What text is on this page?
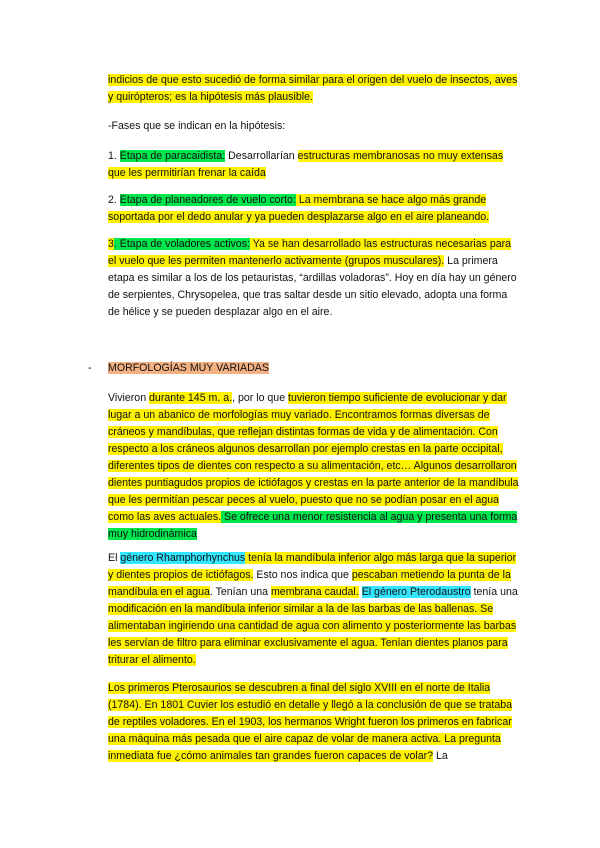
indicios de que esto sucedió de forma similar para el origen del vuelo de insectos, aves y quirópteros; es la hipótesis más plausible.

-Fases que se indican en la hipótesis:

1. Etapa de paracaidista: Desarrollarían estructuras membranosas no muy extensas que les permitirían frenar la caída

2. Etapa de planeadores de vuelo corto: La membrana se hace algo más grande soportada por el dedo anular y ya pueden desplazarse algo en el aire planeando.

3. Etapa de voladores activos: Ya se han desarrollado las estructuras necesarias para el vuelo que les permiten mantenerlo activamente (grupos musculares). La primera etapa es similar a los de los petauristas, “ardillas voladoras”. Hoy en día hay un género de serpientes, Chrysopelea, que tras saltar desde un sitio elevado, adopta una forma de hélice y se pueden desplazar algo en el aire.

- MORFOLOGÍAS MUY VARIADAS

Vivieron durante 145 m. a., por lo que tuvieron tiempo suficiente de evolucionar y dar lugar a un abanico de morfologías muy variado. Encontramos formas diversas de cráneos y mandíbulas, que reflejan distintas formas de vida y de alimentación. Con respecto a los cráneos algunos desarrollan por ejemplo crestas en la parte occipital, diferentes tipos de dientes con respecto a su alimentación, etc… Algunos desarrollaron dientes puntiagudos propios de ictiófagos y crestas en la parte anterior de la mandíbula que les permitían pescar peces al vuelo, puesto que no se podían posar en el agua como las aves actuales. Se ofrece una menor resistencia al agua y presenta una forma muy hidrodinámica

El género Rhamphorhynchus tenía la mandíbula inferior algo más larga que la superior y dientes propios de ictiófagos. Esto nos indica que pescaban metiendo la punta de la mandíbula en el agua. Tenían una membrana caudal. El género Pterodaustro tenía una modificación en la mandíbula inferior similar a la de las barbas de las ballenas. Se alimentaban ingiriendo una cantidad de agua con alimento y posteriormente las barbas les servían de filtro para eliminar exclusivamente el agua. Tenían dientes planos para triturar el alimento.

Los primeros Pterosaurios se descubren a final del siglo XVIII en el norte de Italia (1784). En 1801 Cuvier los estudió en detalle y llegó a la conclusión de que se trataba de reptiles voladores. En el 1903, los hermanos Wright fueron los primeros en fabricar una máquina más pesada que el aire capaz de volar de manera activa. La pregunta inmediata fue ¿cómo animales tan grandes fueron capaces de volar? La
